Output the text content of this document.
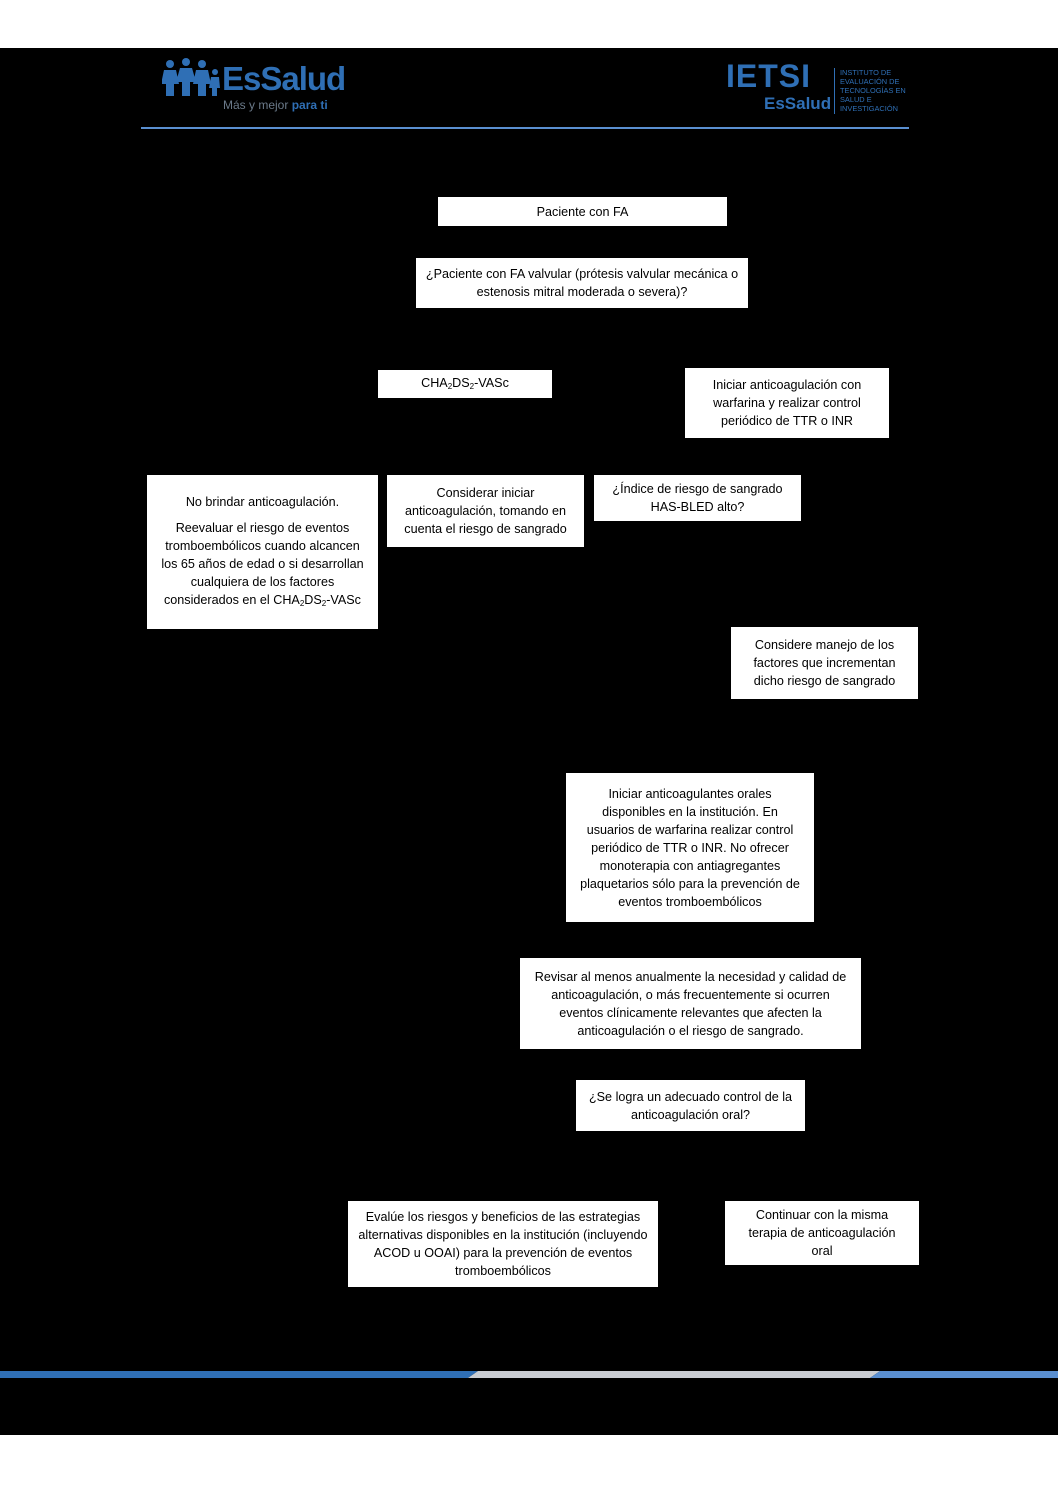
EsSalud
Más y mejor para ti
IETSI
EsSalud
INSTITUTO DE EVALUACIÓN DE TECNOLOGÍAS EN SALUD E INVESTIGACIÓN

Paciente con FA

¿Paciente con FA valvular (prótesis valvular mecánica o estenosis mitral moderada o severa)?

$CHA_2DS_2$-VASc	Iniciar anticoagulación con warfarina y realizar control periódico de TTR o INR

No brindar anticoagulación.

Reevaluar el riesgo de eventos tromboembólicos cuando alcancen los 65 años de edad o si desarrollan cualquiera de los factores considerados en el $CHA_2DS_2$-VASc

Considerar iniciar anticoagulación, tomando en cuenta el riesgo de sangrado

¿Índice de riesgo de sangrado HAS-BLED alto?

Considere manejo de los factores que incrementan dicho riesgo de sangrado

Iniciar anticoagulantes orales disponibles en la institución. En usuarios de warfarina realizar control periódico de TTR o INR. No ofrecer monoterapia con antiagregantes plaquetarios sólo para la prevención de eventos tromboembólicos

Revisar al menos anualmente la necesidad y calidad de anticoagulación, o más frecuentemente si ocurren eventos clínicamente relevantes que afecten la anticoagulación o el riesgo de sangrado.

¿Se logra un adecuado control de la anticoagulación oral?

Evalúe los riesgos y beneficios de las estrategias alternativas disponibles en la institución (incluyendo ACOD u OOAI) para la prevención de eventos tromboembólicos

Continuar con la misma terapia de anticoagulación oral
